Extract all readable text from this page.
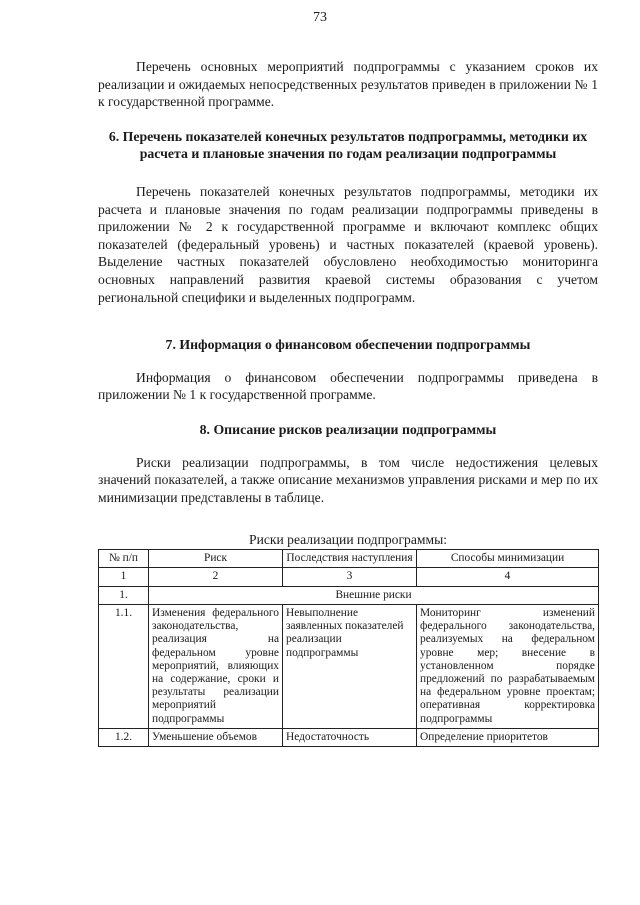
73

Перечень основных мероприятий подпрограммы с указанием сроков их реализации и ожидаемых непосредственных результатов приведен в приложении № 1 к государственной программе.

6. Перечень показателей конечных результатов подпрограммы, методики их расчета и плановые значения по годам реализации подпрограммы

Перечень показателей конечных результатов подпрограммы, методики их расчета и плановые значения по годам реализации подпрограммы приведены в приложении № 2 к государственной программе и включают комплекс общих показателей (федеральный уровень) и частных показателей (краевой уровень). Выделение частных показателей обусловлено необходимостью мониторинга основных направлений развития краевой системы образования с учетом региональной специфики и выделенных подпрограмм.

7. Информация о финансовом обеспечении подпрограммы

Информация о финансовом обеспечении подпрограммы приведена в приложении № 1 к государственной программе.

8. Описание рисков реализации подпрограммы

Риски реализации подпрограммы, в том числе недостижения целевых значений показателей, а также описание механизмов управления рисками и мер по их минимизации представлены в таблице.

Риски реализации подпрограммы:
№ п/п	Риск	Последствия наступления	Способы минимизации
1	2	3	4
1.	Внешние риски		
1.1.	Изменения федерального законодательства, реализация на федеральном уровне мероприятий, влияющих на содержание, сроки и результаты реализации мероприятий подпрограммы	Невыполнение заявленных показателей реализации подпрограммы	Мониторинг изменений федерального законодательства, реализуемых на федеральном уровне мер; внесение в установленном порядке предложений по разрабатываемым на федеральном уровне проектам; оперативная корректировка подпрограммы
1.2.	Уменьшение объемов	Недостаточность	Определение приоритетов
